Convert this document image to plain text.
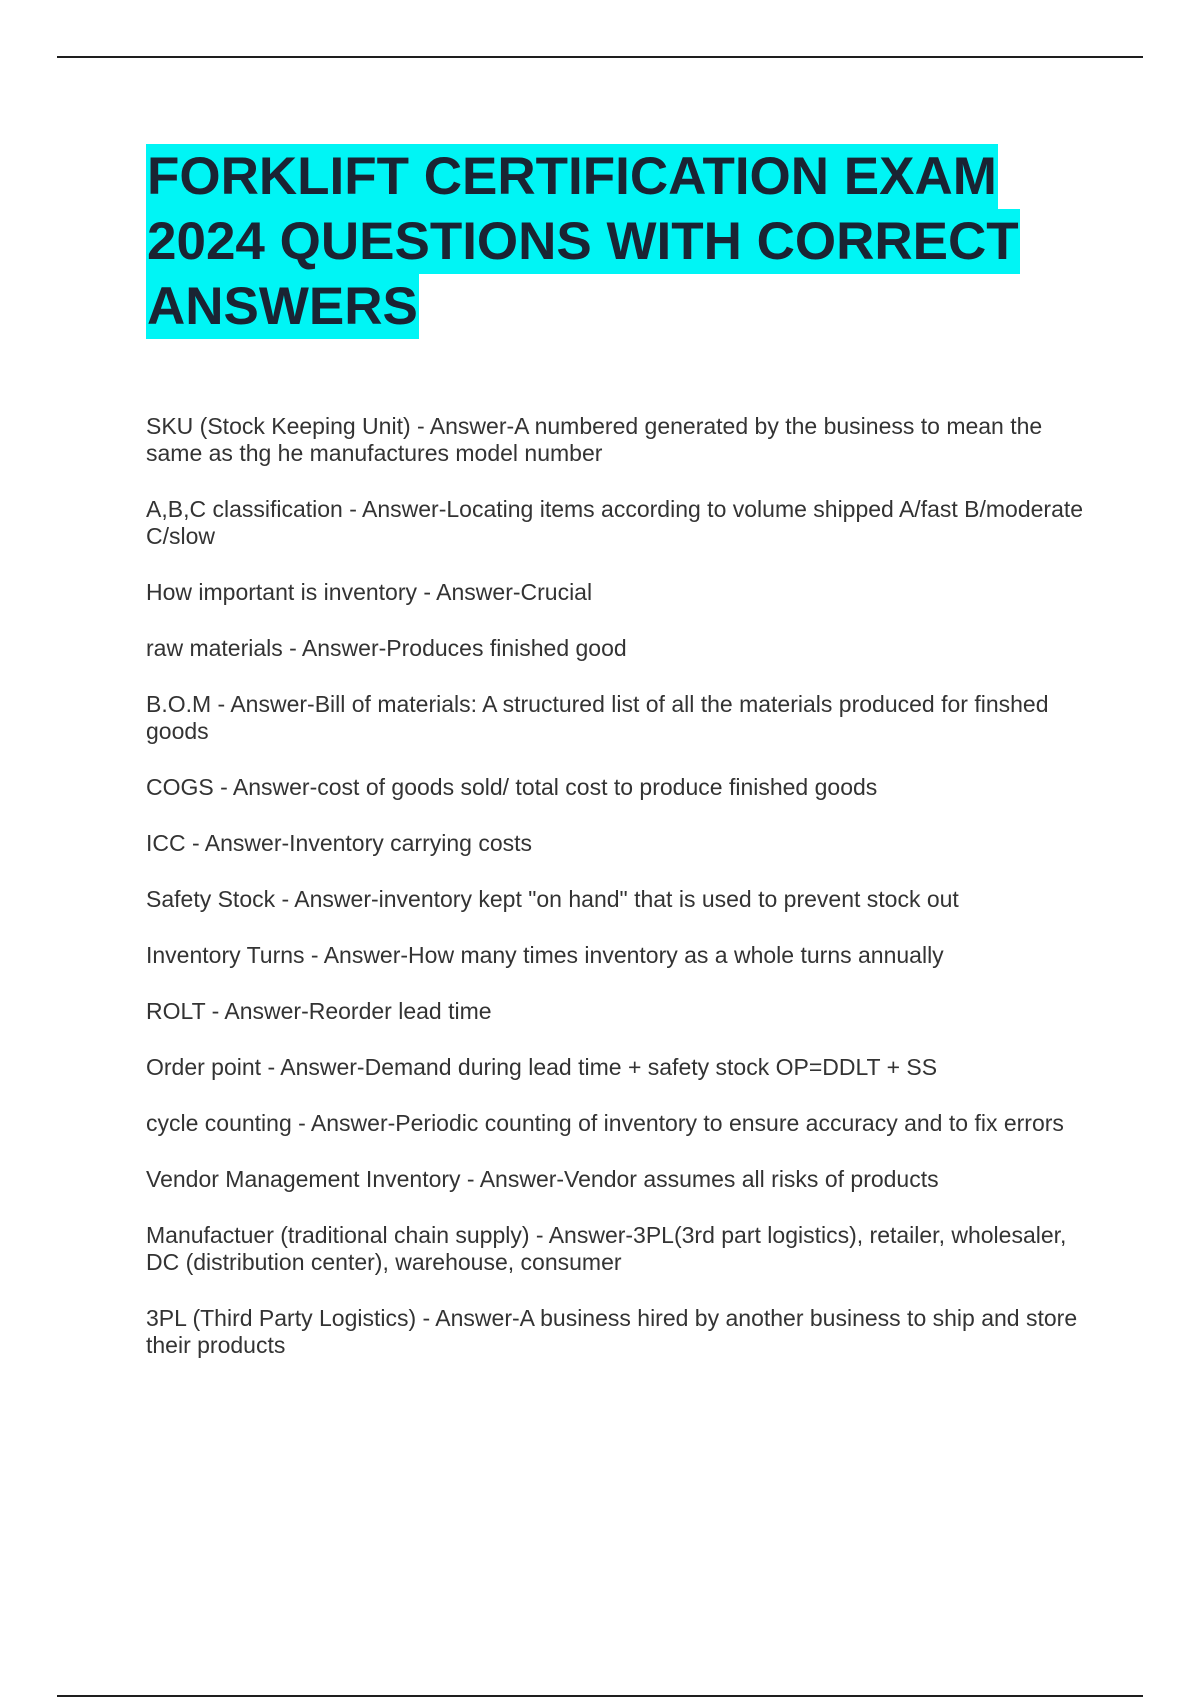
FORKLIFT CERTIFICATION EXAM
2024 QUESTIONS WITH CORRECT
ANSWERS

SKU (Stock Keeping Unit) - Answer-A numbered generated by the business to mean the same as thg he manufactures model number

A,B,C classification - Answer-Locating items according to volume shipped A/fast B/moderate C/slow

How important is inventory - Answer-Crucial

raw materials - Answer-Produces finished good

B.O.M - Answer-Bill of materials: A structured list of all the materials produced for finshed goods

COGS - Answer-cost of goods sold/ total cost to produce finished goods

ICC - Answer-Inventory carrying costs

Safety Stock - Answer-inventory kept "on hand" that is used to prevent stock out

Inventory Turns - Answer-How many times inventory as a whole turns annually

ROLT - Answer-Reorder lead time

Order point - Answer-Demand during lead time + safety stock OP=DDLT + SS

cycle counting - Answer-Periodic counting of inventory to ensure accuracy and to fix errors

Vendor Management Inventory - Answer-Vendor assumes all risks of products

Manufactuer (traditional chain supply) - Answer-3PL(3rd part logistics), retailer, wholesaler, DC (distribution center), warehouse, consumer

3PL (Third Party Logistics) - Answer-A business hired by another business to ship and store their products
